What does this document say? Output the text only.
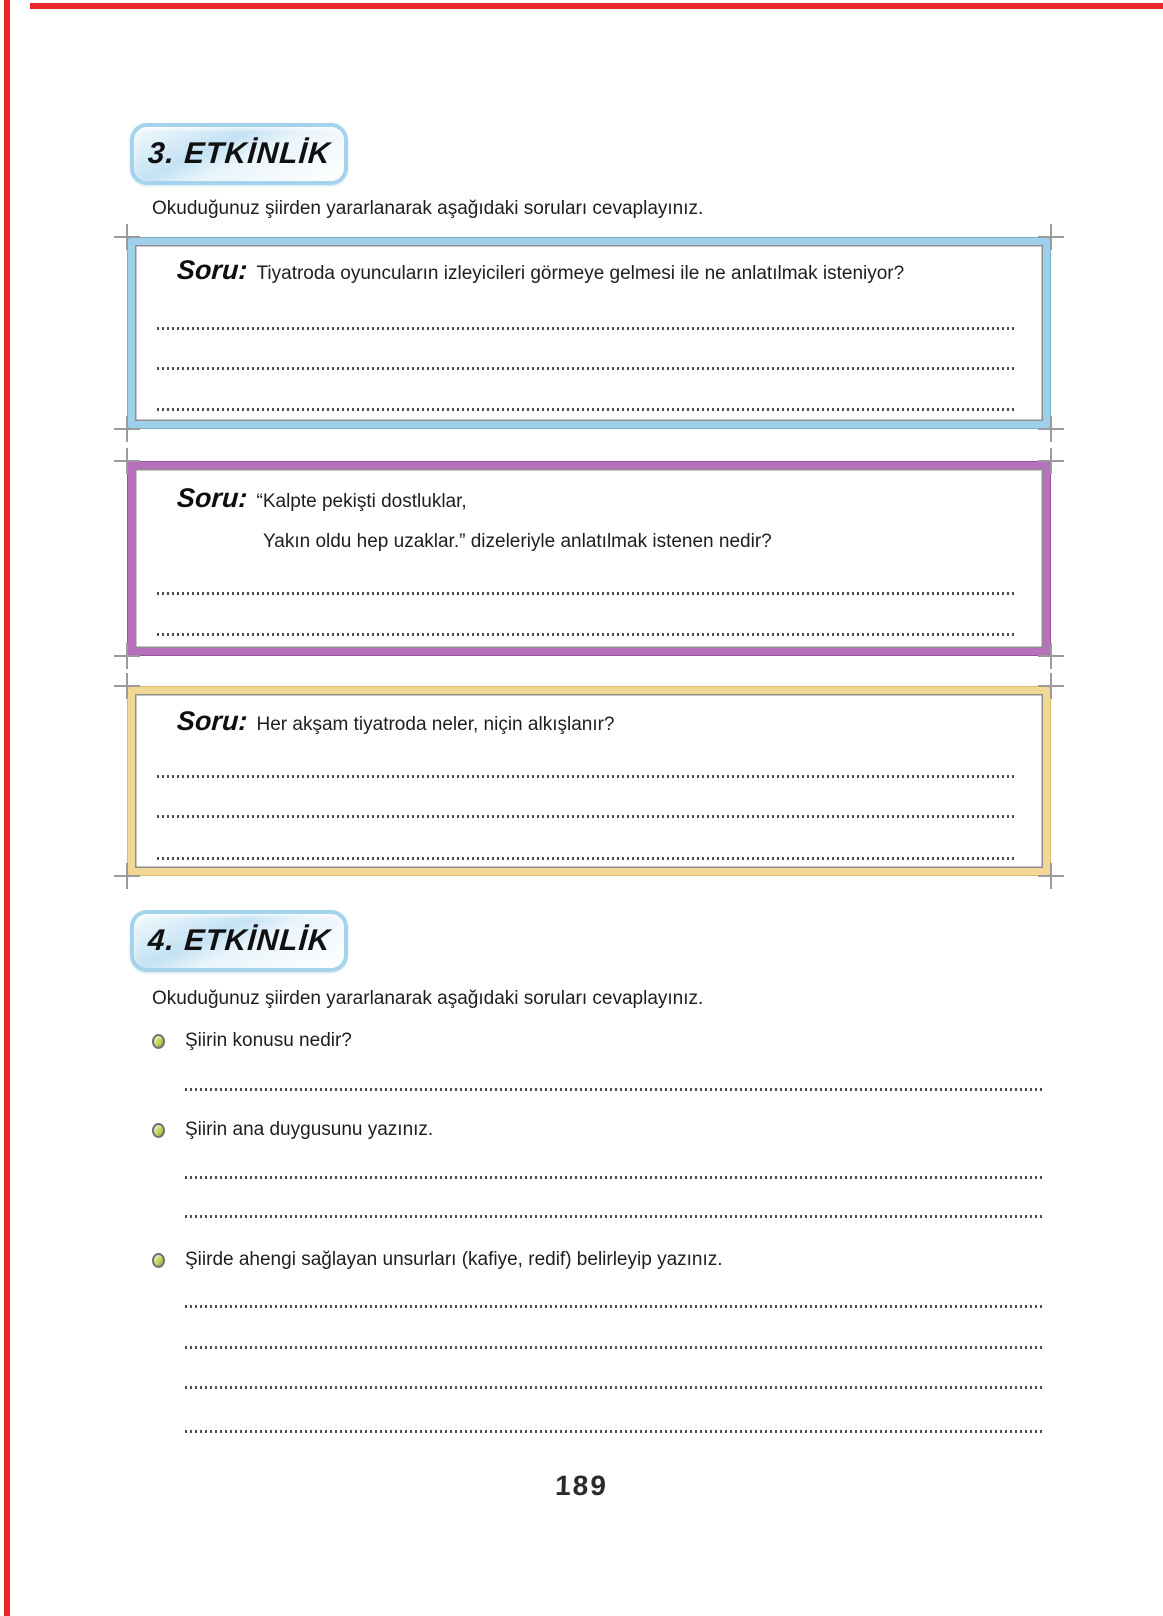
3. ETKİNLİK
Okuduğunuz şiirden yararlanarak aşağıdaki soruları cevaplayınız.
Soru: Tiyatroda oyuncuların izleyicileri görmeye gelmesi ile ne anlatılmak isteniyor?
Soru: “Kalpte pekişti dostluklar,
Yakın oldu hep uzaklar.” dizeleriyle anlatılmak istenen nedir?
Soru: Her akşam tiyatroda neler, niçin alkışlanır?
4. ETKİNLİK
Okuduğunuz şiirden yararlanarak aşağıdaki soruları cevaplayınız.
Şiirin konusu nedir?
Şiirin ana duygusunu yazınız.
Şiirde ahengi sağlayan unsurları (kafiye, redif) belirleyip yazınız.
189
